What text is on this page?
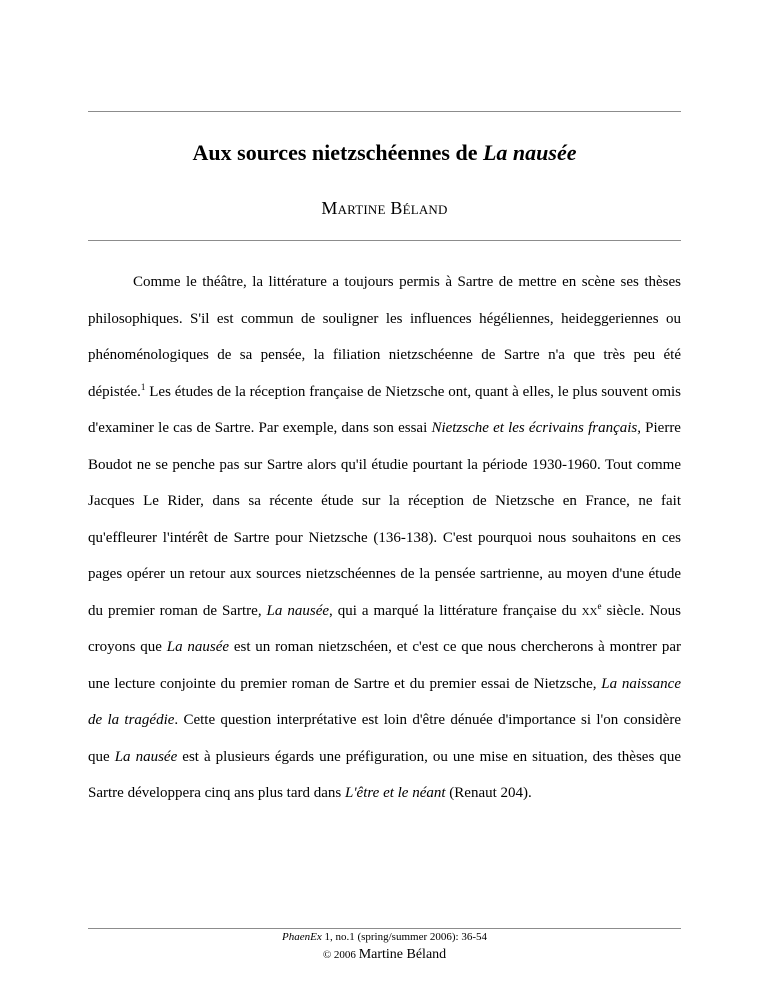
Aux sources nietzschéennes de La nausée
Martine Béland

Comme le théâtre, la littérature a toujours permis à Sartre de mettre en scène ses thèses philosophiques. S'il est commun de souligner les influences hégéliennes, heideggeriennes ou phénoménologiques de sa pensée, la filiation nietzschéenne de Sartre n'a que très peu été dépistée.$^1$ Les études de la réception française de Nietzsche ont, quant à elles, le plus souvent omis d'examiner le cas de Sartre. Par exemple, dans son essai Nietzsche et les écrivains français, Pierre Boudot ne se penche pas sur Sartre alors qu'il étudie pourtant la période 1930-1960. Tout comme Jacques Le Rider, dans sa récente étude sur la réception de Nietzsche en France, ne fait qu'effleurer l'intérêt de Sartre pour Nietzsche (136-138). C'est pourquoi nous souhaitons en ces pages opérer un retour aux sources nietzschéennes de la pensée sartrienne, au moyen d'une étude du premier roman de Sartre, La nausée, qui a marqué la littérature française du $xx^e$ siècle. Nous croyons que La nausée est un roman nietzschéen, et c'est ce que nous chercherons à montrer par une lecture conjointe du premier roman de Sartre et du premier essai de Nietzsche, La naissance de la tragédie. Cette question interprétative est loin d'être dénuée d'importance si l'on considère que La nausée est à plusieurs égards une préfiguration, ou une mise en situation, des thèses que Sartre développera cinq ans plus tard dans L'être et le néant (Renaut 204).

PhaenEx 1, no.1 (spring/summer 2006): 36-54
© 2006 Martine Béland
